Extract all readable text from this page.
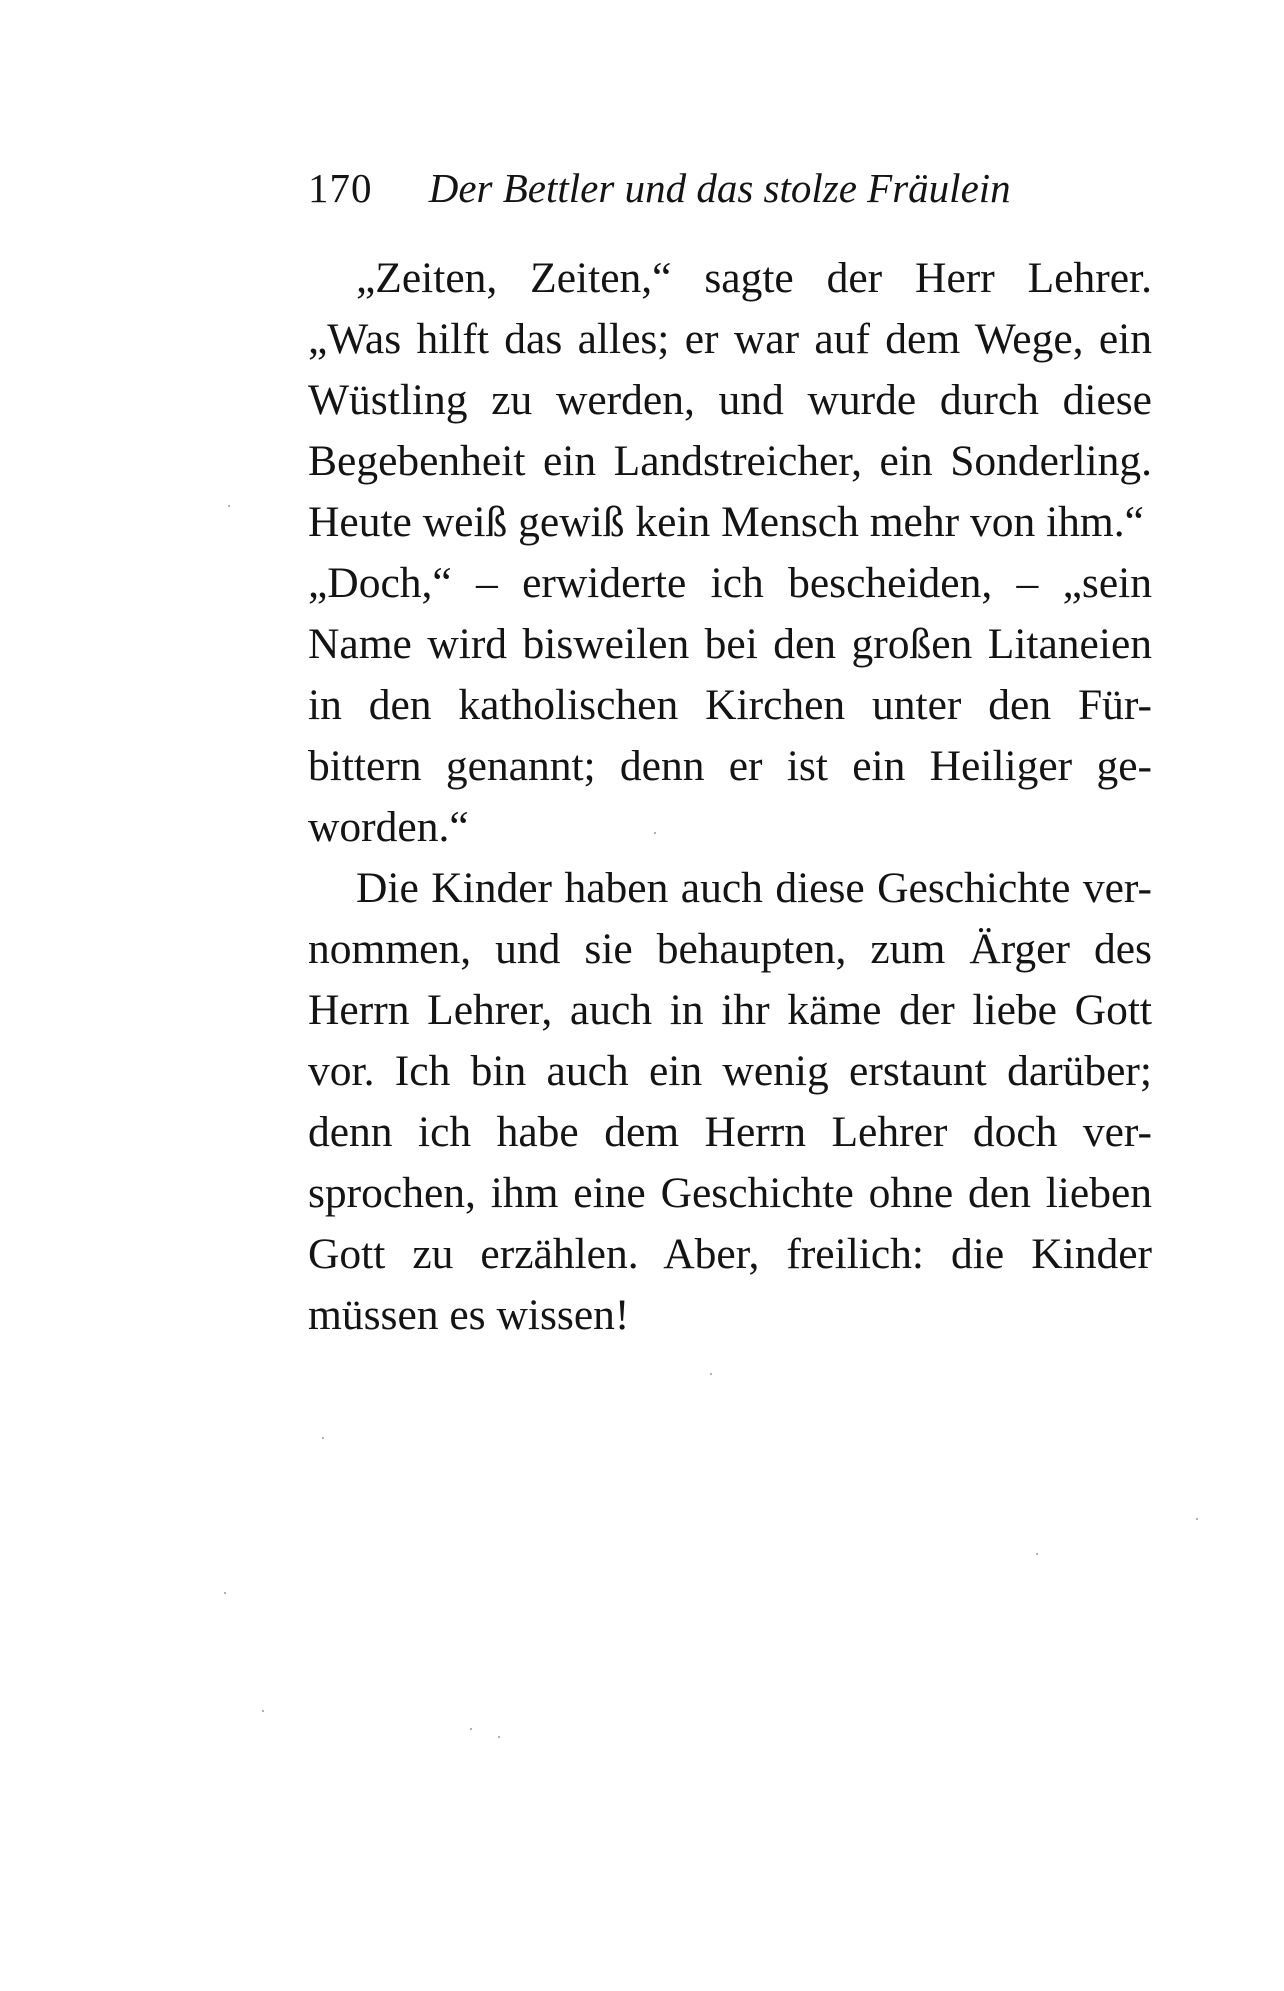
170 Der Bettler und das stolze Fräulein
„Zeiten, Zeiten,“ sagte der Herr Lehrer.
„Was hilft das alles; er war auf dem Wege, ein
Wüstling zu werden, und wurde durch diese
Begebenheit ein Landstreicher, ein Sonderling.
Heute weiß gewiß kein Mensch mehr von ihm.“
„Doch,“ – erwiderte ich bescheiden, – „sein
Name wird bisweilen bei den großen Litaneien
in den katholischen Kirchen unter den Für-
bittern genannt; denn er ist ein Heiliger ge-
worden.“
Die Kinder haben auch diese Geschichte ver-
nommen, und sie behaupten, zum Ärger des
Herrn Lehrer, auch in ihr käme der liebe Gott
vor. Ich bin auch ein wenig erstaunt darüber;
denn ich habe dem Herrn Lehrer doch ver-
sprochen, ihm eine Geschichte ohne den lieben
Gott zu erzählen. Aber, freilich: die Kinder
müssen es wissen!
